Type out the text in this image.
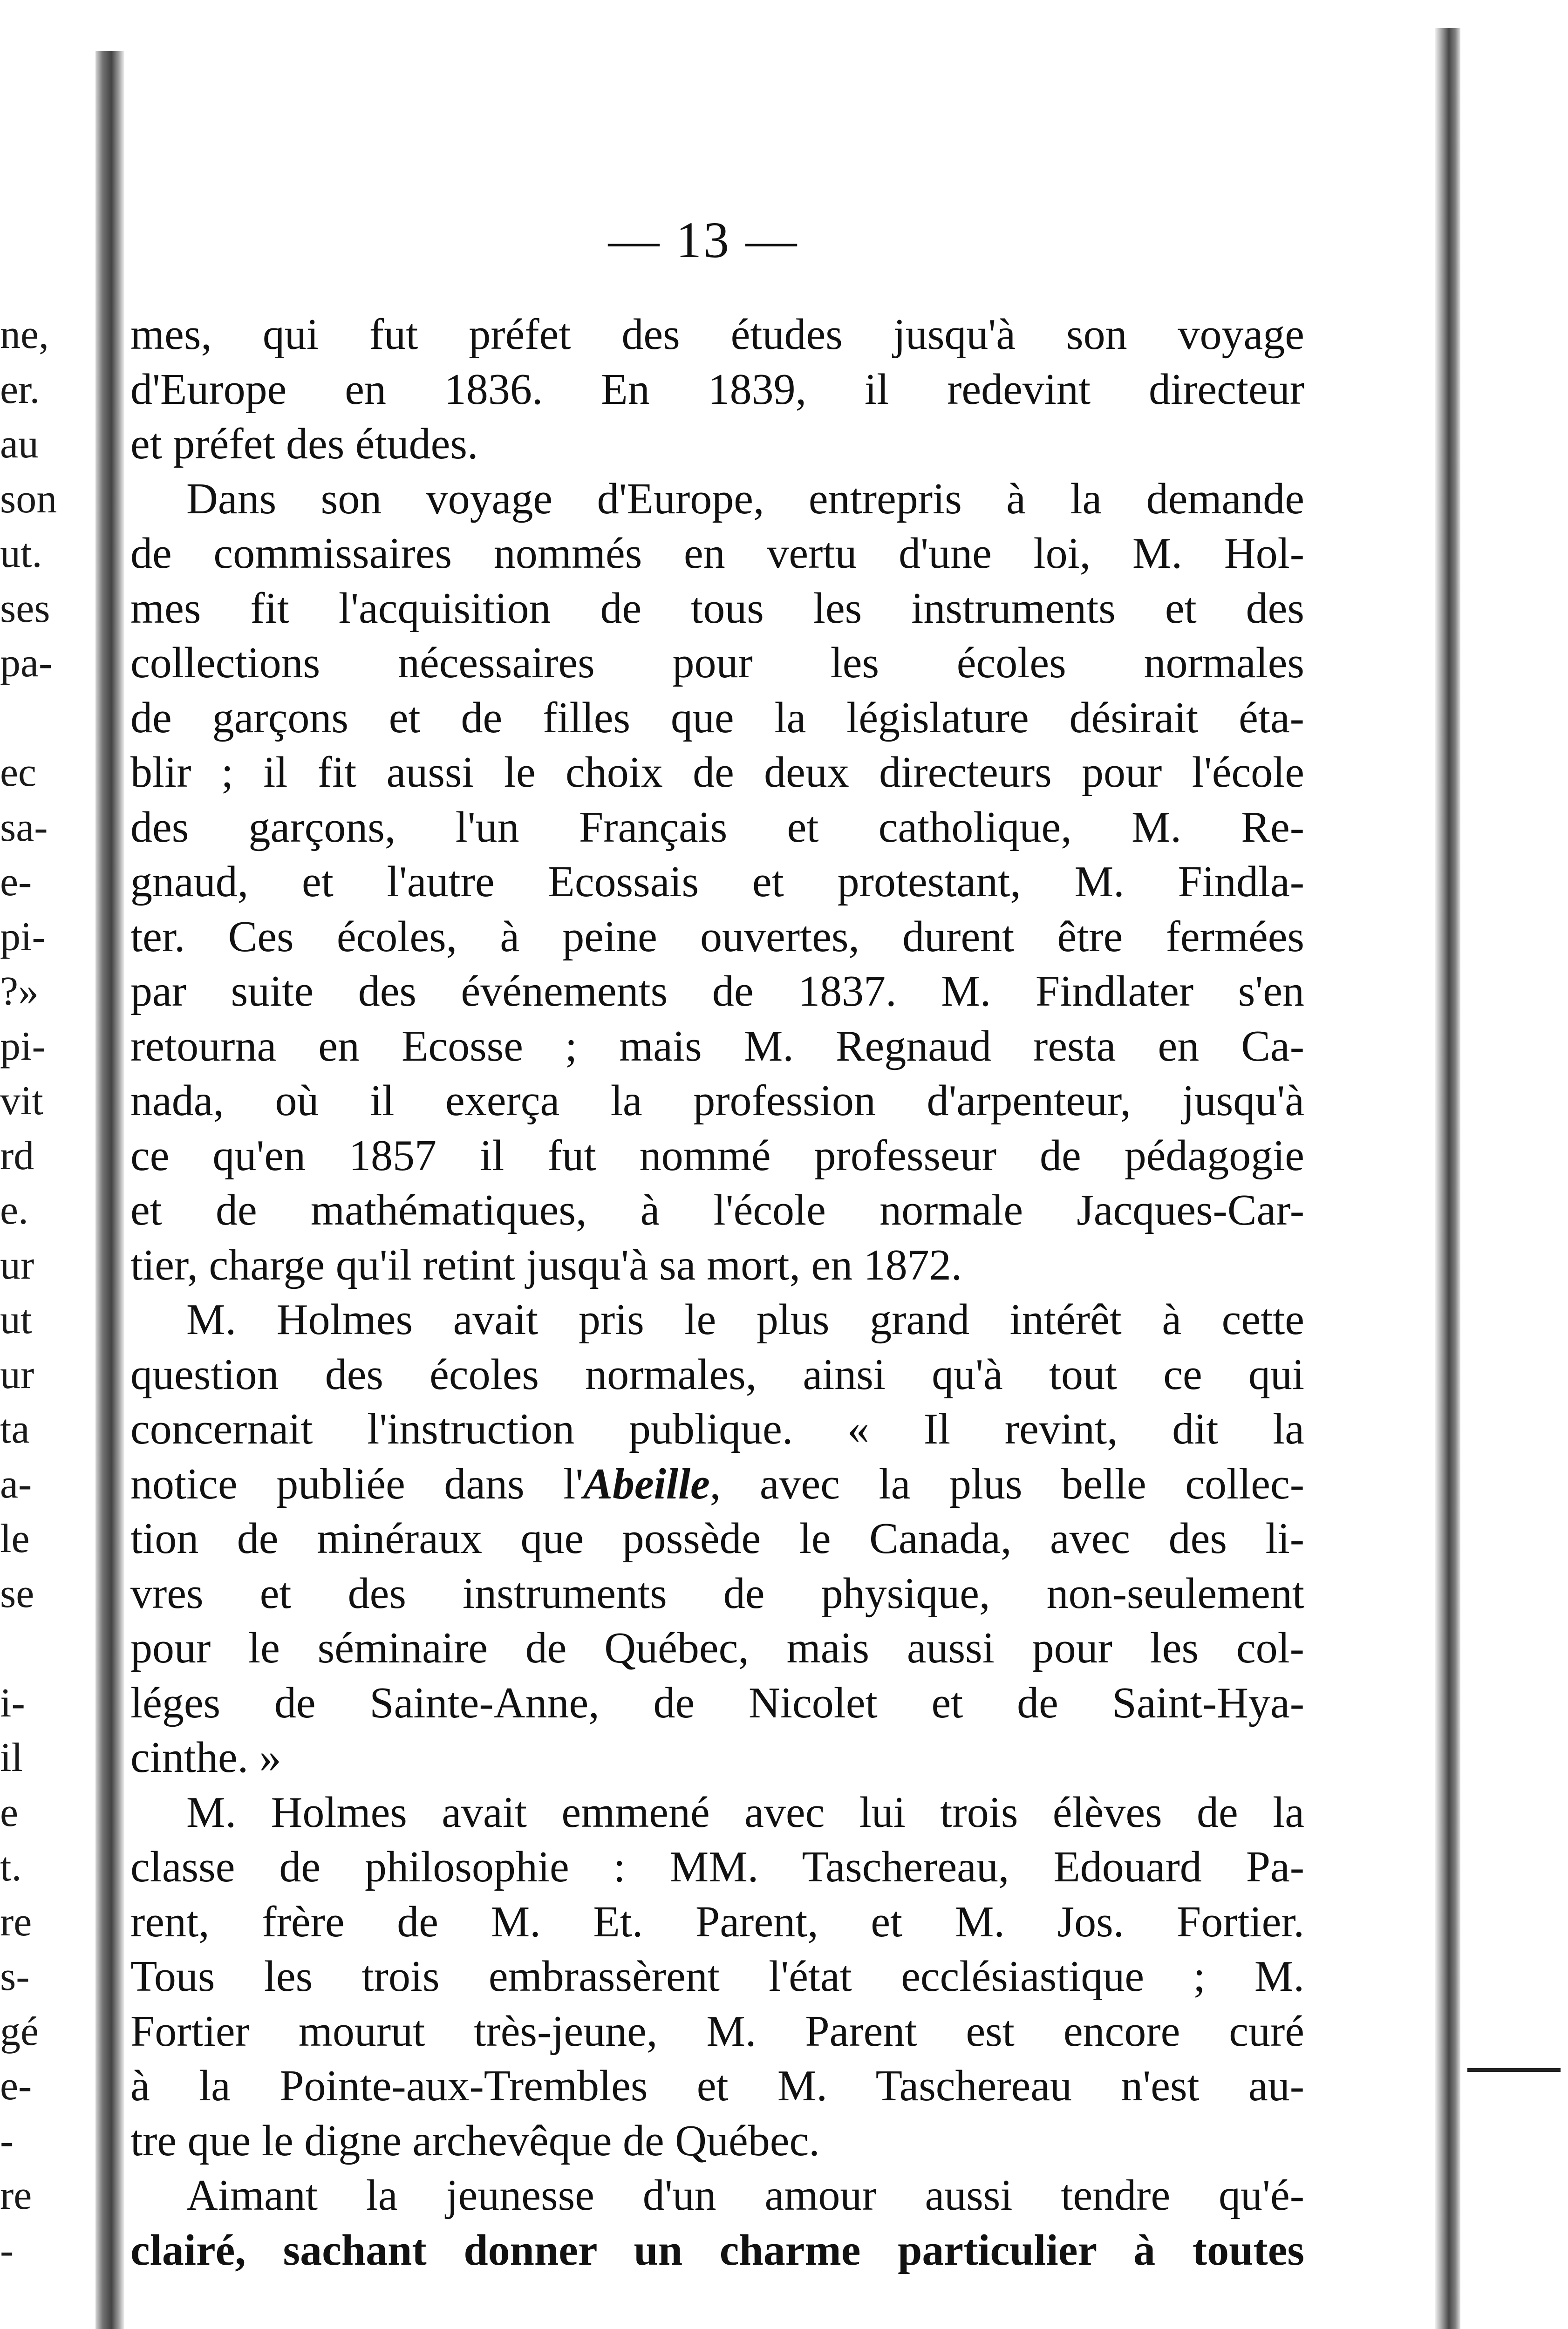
ne,
er.
au
son
ut.
ses
pa-
ec
sa-
e-
pi-
?»
pi-
vit
rd
e.
ur
ut
ur
ta
a-
le
se
i-
il
e
t.
re
s-
gé
e-
-
re
-
— 13 —
mes, qui fut préfet des études jusqu'à son voyage
d'Europe en 1836. En 1839, il redevint directeur
et préfet des études.
Dans son voyage d'Europe, entrepris à la demande
de commissaires nommés en vertu d'une loi, M. Hol-
mes fit l'acquisition de tous les instruments et des
collections nécessaires pour les écoles normales
de garçons et de filles que la législature désirait éta-
blir ; il fit aussi le choix de deux directeurs pour l'école
des garçons, l'un Français et catholique, M. Re-
gnaud, et l'autre Ecossais et protestant, M. Findla-
ter. Ces écoles, à peine ouvertes, durent être fermées
par suite des événements de 1837. M. Findlater s'en
retourna en Ecosse ; mais M. Regnaud resta en Ca-
nada, où il exerça la profession d'arpenteur, jusqu'à
ce qu'en 1857 il fut nommé professeur de pédagogie
et de mathématiques, à l'école normale Jacques-Car-
tier, charge qu'il retint jusqu'à sa mort, en 1872.
M. Holmes avait pris le plus grand intérêt à cette
question des écoles normales, ainsi qu'à tout ce qui
concernait l'instruction publique. « Il revint, dit la
notice publiée dans l'Abeille, avec la plus belle collec-
tion de minéraux que possède le Canada, avec des li-
vres et des instruments de physique, non-seulement
pour le séminaire de Québec, mais aussi pour les col-
léges de Sainte-Anne, de Nicolet et de Saint-Hya-
cinthe. »
M. Holmes avait emmené avec lui trois élèves de la
classe de philosophie : MM. Taschereau, Edouard Pa-
rent, frère de M. Et. Parent, et M. Jos. Fortier.
Tous les trois embrassèrent l'état ecclésiastique ; M.
Fortier mourut très-jeune, M. Parent est encore curé
à la Pointe-aux-Trembles et M. Taschereau n'est au-
tre que le digne archevêque de Québec.
Aimant la jeunesse d'un amour aussi tendre qu'é-
clairé, sachant donner un charme particulier à toutes
